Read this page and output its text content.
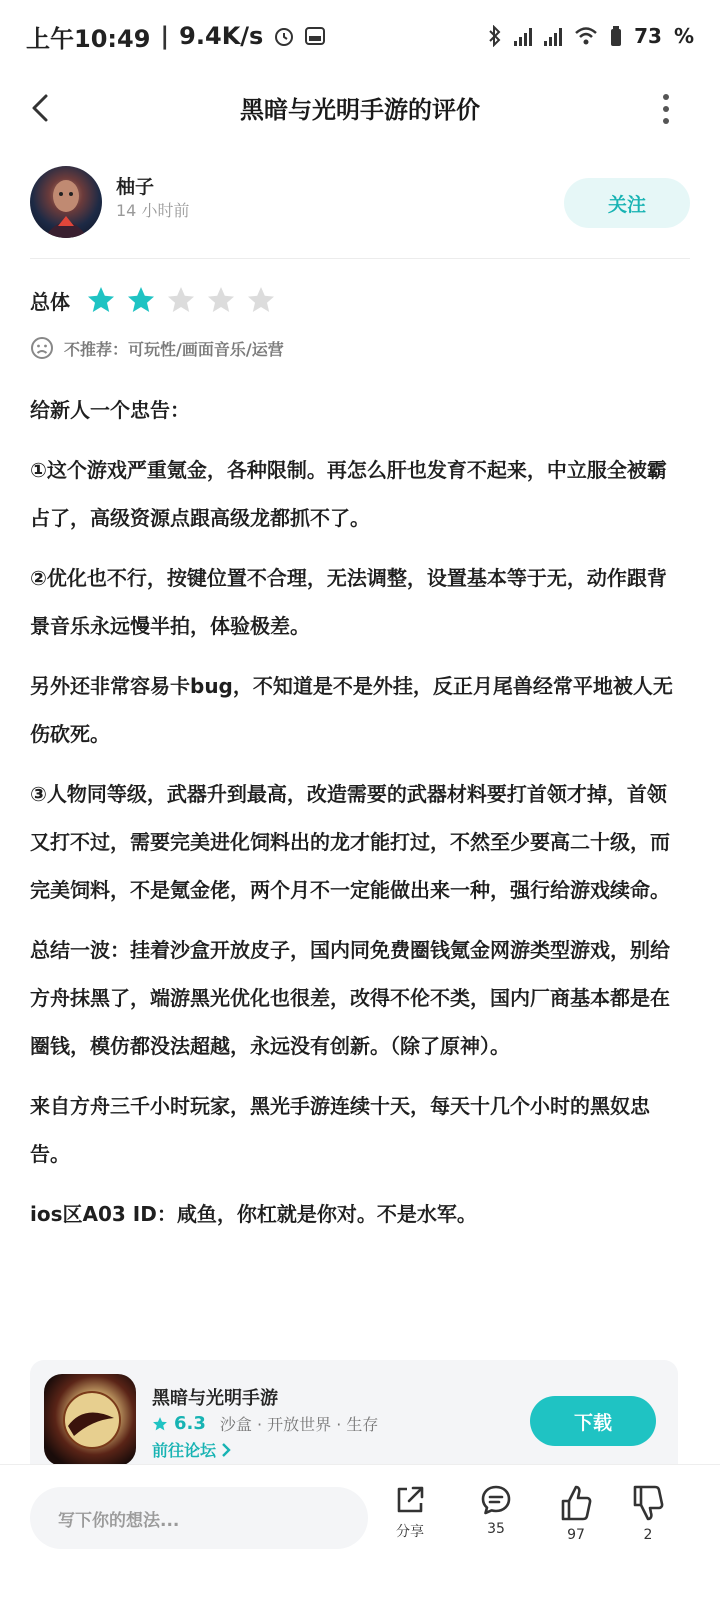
上午10:49 | 9.4K/s	73 %
黑暗与光明手游的评价
柚子
14 小时前	关注
总体
不推荐：可玩性/画面音乐/运营

给新人一个忠告：

①这个游戏严重氪金，各种限制。再怎么肝也发育不起来，中立服全被霸占了，高级资源点跟高级龙都抓不了。

②优化也不行，按键位置不合理，无法调整，设置基本等于无，动作跟背景音乐永远慢半拍，体验极差。

另外还非常容易卡bug，不知道是不是外挂，反正月尾兽经常平地被人无伤砍死。

③人物同等级，武器升到最高，改造需要的武器材料要打首领才掉，首领又打不过，需要完美进化饲料出的龙才能打过，不然至少要高二十级，而完美饲料，不是氪金佬，两个月不一定能做出来一种，强行给游戏续命。

总结一波：挂着沙盒开放皮子，国内同免费圈钱氪金网游类型游戏，别给方舟抹黑了，端游黑光优化也很差，改得不伦不类，国内厂商基本都是在圈钱，模仿都没法超越，永远没有创新。（除了原神）。

来自方舟三千小时玩家，黑光手游连续十天，每天十几个小时的黑奴忠告。

ios区A03 ID：咸鱼，你杠就是你对。不是水军。

黑暗与光明手游
6.3 沙盒 · 开放世界 · 生存
前往论坛
下载
写下你的想法...
分享	35	97	2
